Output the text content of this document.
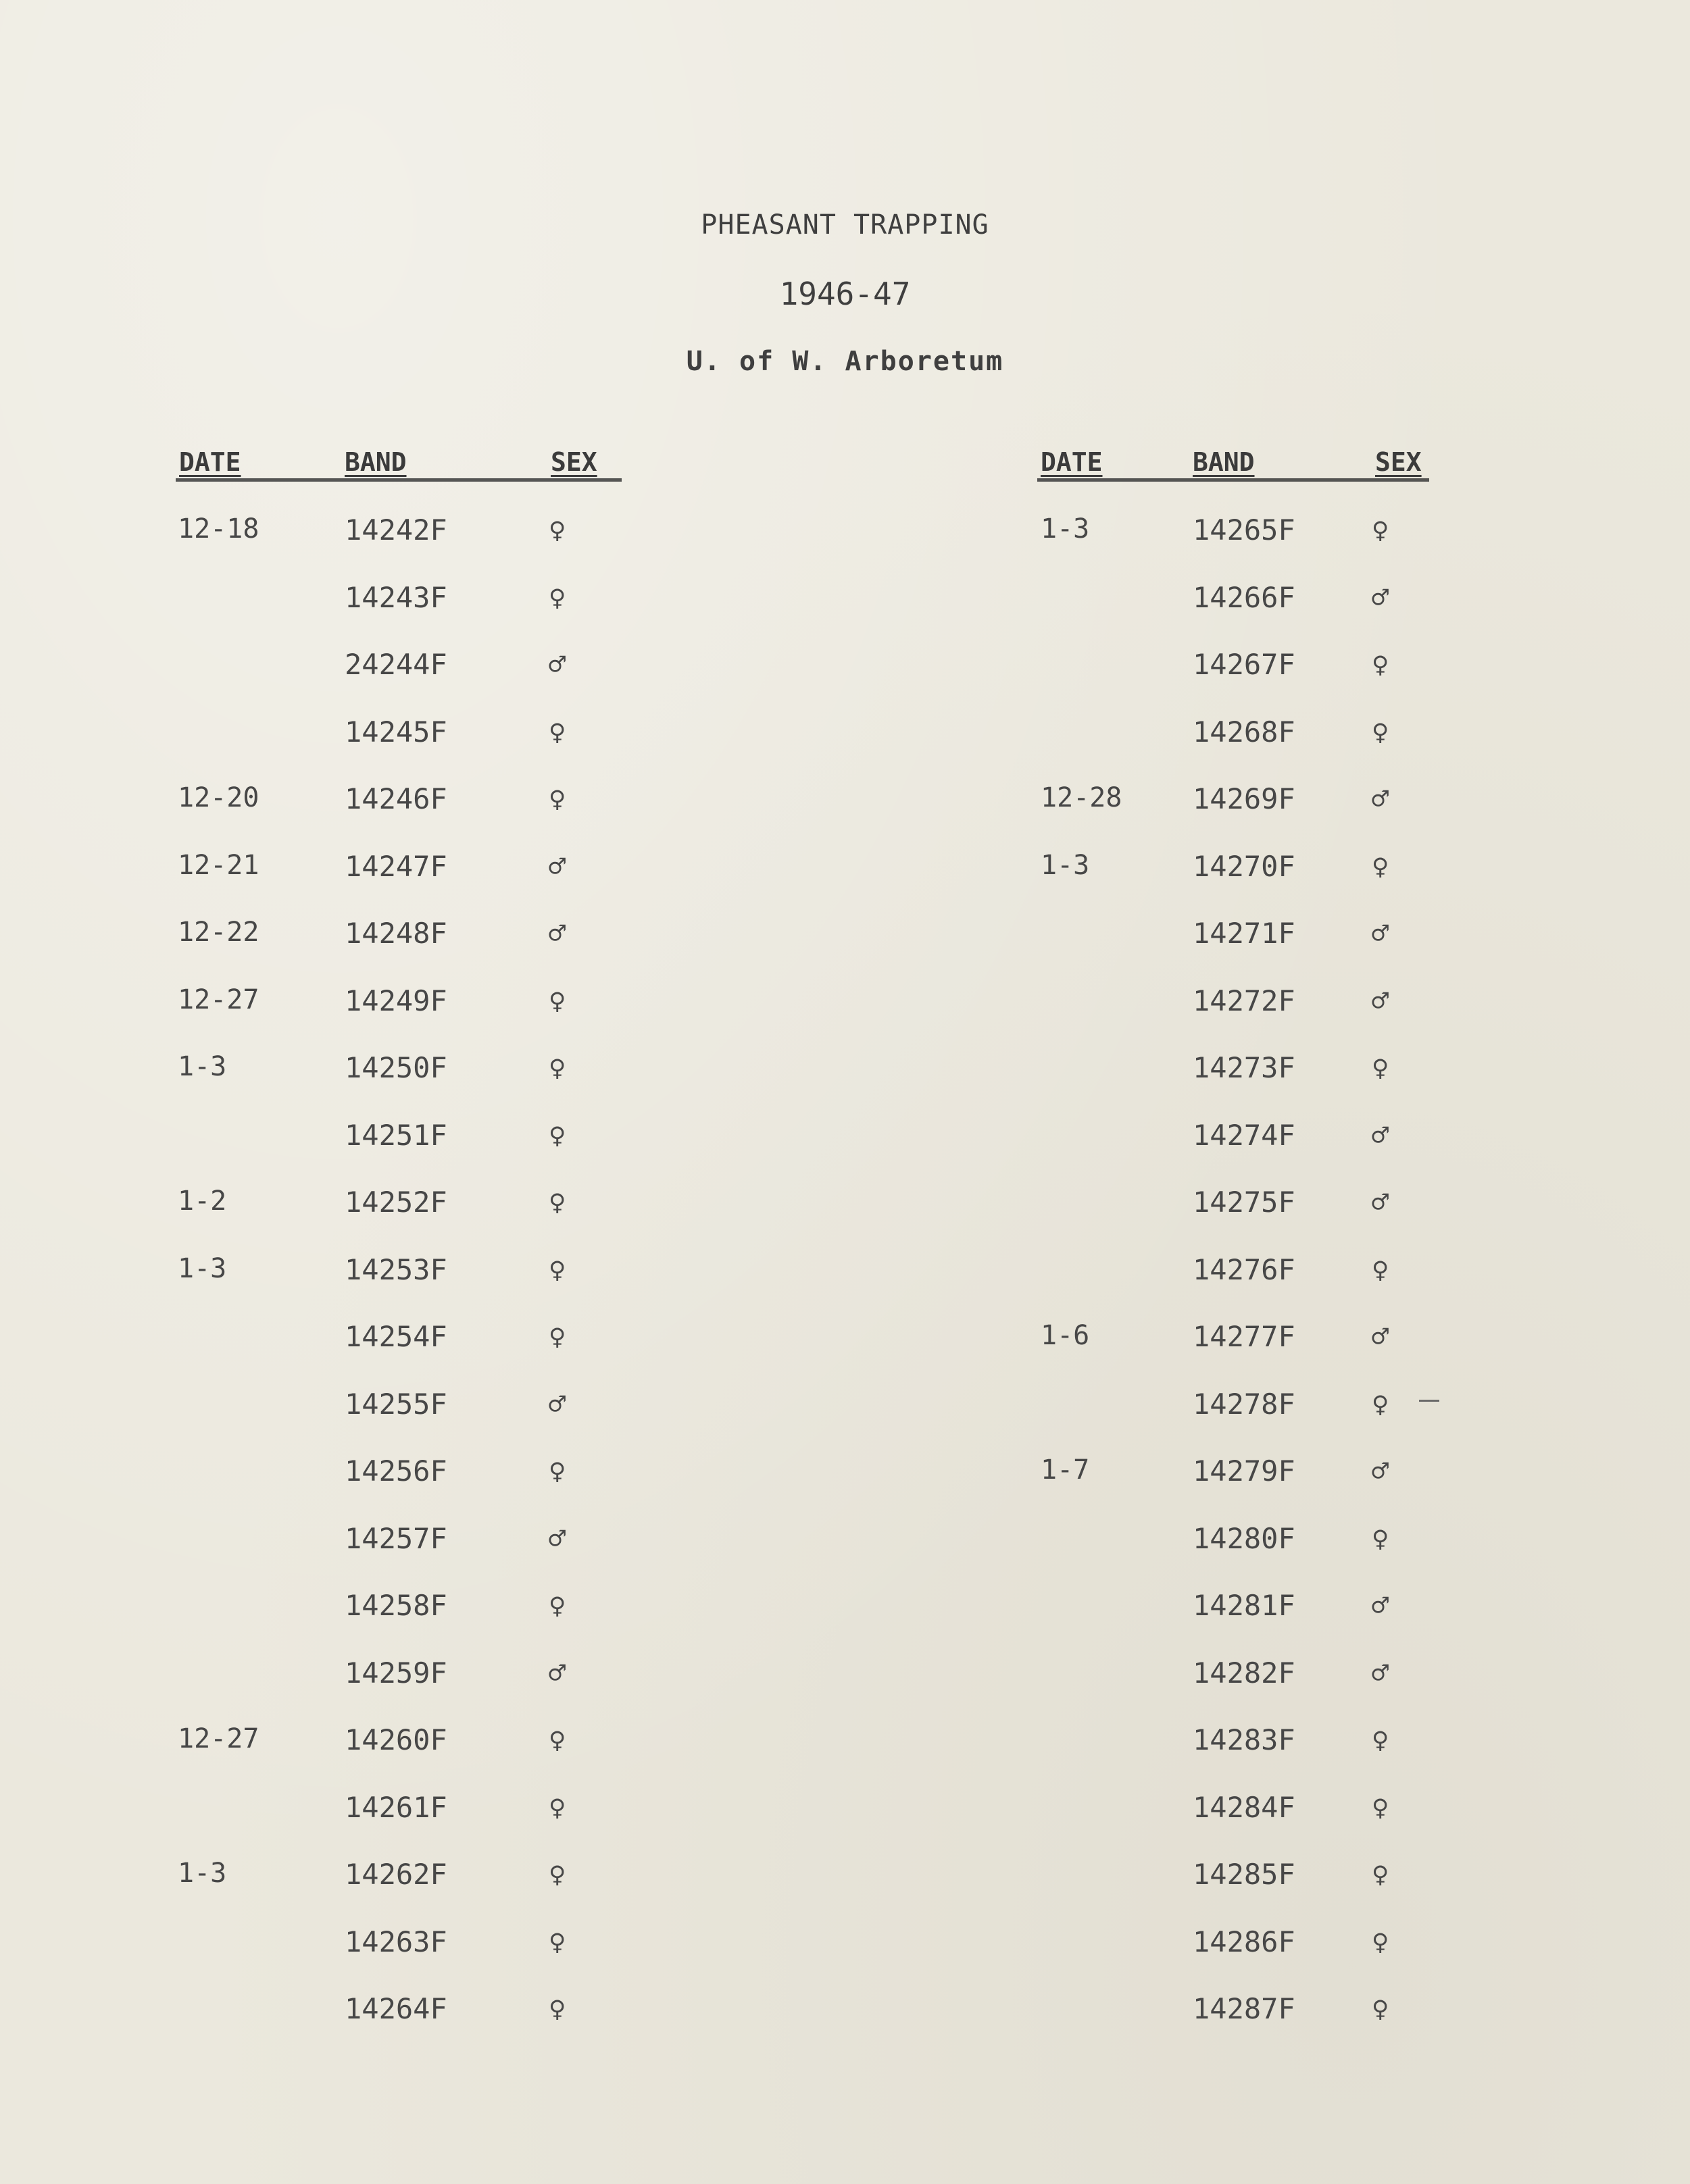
PHEASANT TRAPPING
1946-47
U. of W. Arboretum
DATE	BAND	SEX
12-18	14242F	♀
14243F	♀
24244F	♂
14245F	♀
12-20	14246F	♀
12-21	14247F	♂
12-22	14248F	♂
12-27	14249F	♀
1-3	14250F	♀
14251F	♀
1-2	14252F	♀
1-3	14253F	♀
14254F	♀
14255F	♂
14256F	♀
14257F	♂
14258F	♀
14259F	♂
12-27	14260F	♀
14261F	♀
1-3	14262F	♀
14263F	♀
14264F	♀
DATE	BAND	SEX
1-3	14265F	♀
14266F	♂
14267F	♀
14268F	♀
12-28 14269F	♂
1-3	14270F	♀
14271F	♂
14272F	♂
14273F	♀
14274F	♂
14275F	♂
14276F	♀
1-6	14277F	♂
14278F	♀
1-7	14279F	♂
14280F	♀
14281F	♂
14282F	♂
14283F	♀
14284F	♀
14285F	♀
14286F	♀
14287F	♀
